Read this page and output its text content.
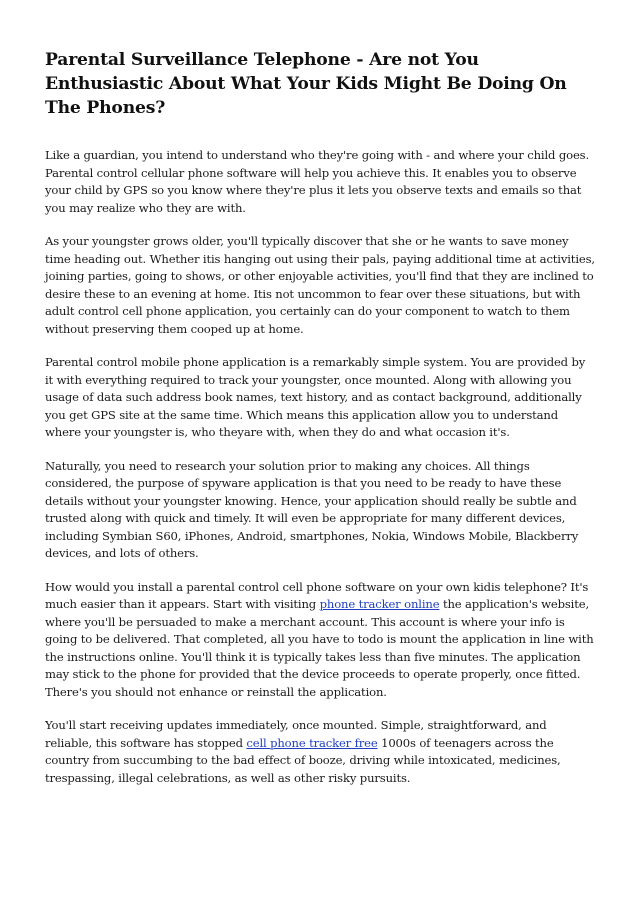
Parental Surveillance Telephone - Are not You Enthusiastic About What Your Kids Might Be Doing On The Phones?

Like a guardian, you intend to understand who they're going with - and where your child goes. Parental control cellular phone software will help you achieve this. It enables you to observe your child by GPS so you know where they're plus it lets you observe texts and emails so that you may realize who they are with.

As your youngster grows older, you'll typically discover that she or he wants to save money time heading out. Whether itis hanging out using their pals, paying additional time at activities, joining parties, going to shows, or other enjoyable activities, you'll find that they are inclined to desire these to an evening at home. Itis not uncommon to fear over these situations, but with adult control cell phone application, you certainly can do your component to watch to them without preserving them cooped up at home.

Parental control mobile phone application is a remarkably simple system. You are provided by it with everything required to track your youngster, once mounted. Along with allowing you usage of data such address book names, text history, and as contact background, additionally you get GPS site at the same time. Which means this application allow you to understand where your youngster is, who theyare with, when they do and what occasion it's.

Naturally, you need to research your solution prior to making any choices. All things considered, the purpose of spyware application is that you need to be ready to have these details without your youngster knowing. Hence, your application should really be subtle and trusted along with quick and timely. It will even be appropriate for many different devices, including Symbian S60, iPhones, Android, smartphones, Nokia, Windows Mobile, Blackberry devices, and lots of others.

How would you install a parental control cell phone software on your own kidis telephone? It's much easier than it appears. Start with visiting phone tracker online the application's website, where you'll be persuaded to make a merchant account. This account is where your info is going to be delivered. That completed, all you have to todo is mount the application in line with the instructions online. You'll think it is typically takes less than five minutes. The application may stick to the phone for provided that the device proceeds to operate properly, once fitted. There's you should not enhance or reinstall the application.

You'll start receiving updates immediately, once mounted. Simple, straightforward, and reliable, this software has stopped cell phone tracker free 1000s of teenagers across the country from succumbing to the bad effect of booze, driving while intoxicated, medicines, trespassing, illegal celebrations, as well as other risky pursuits.
